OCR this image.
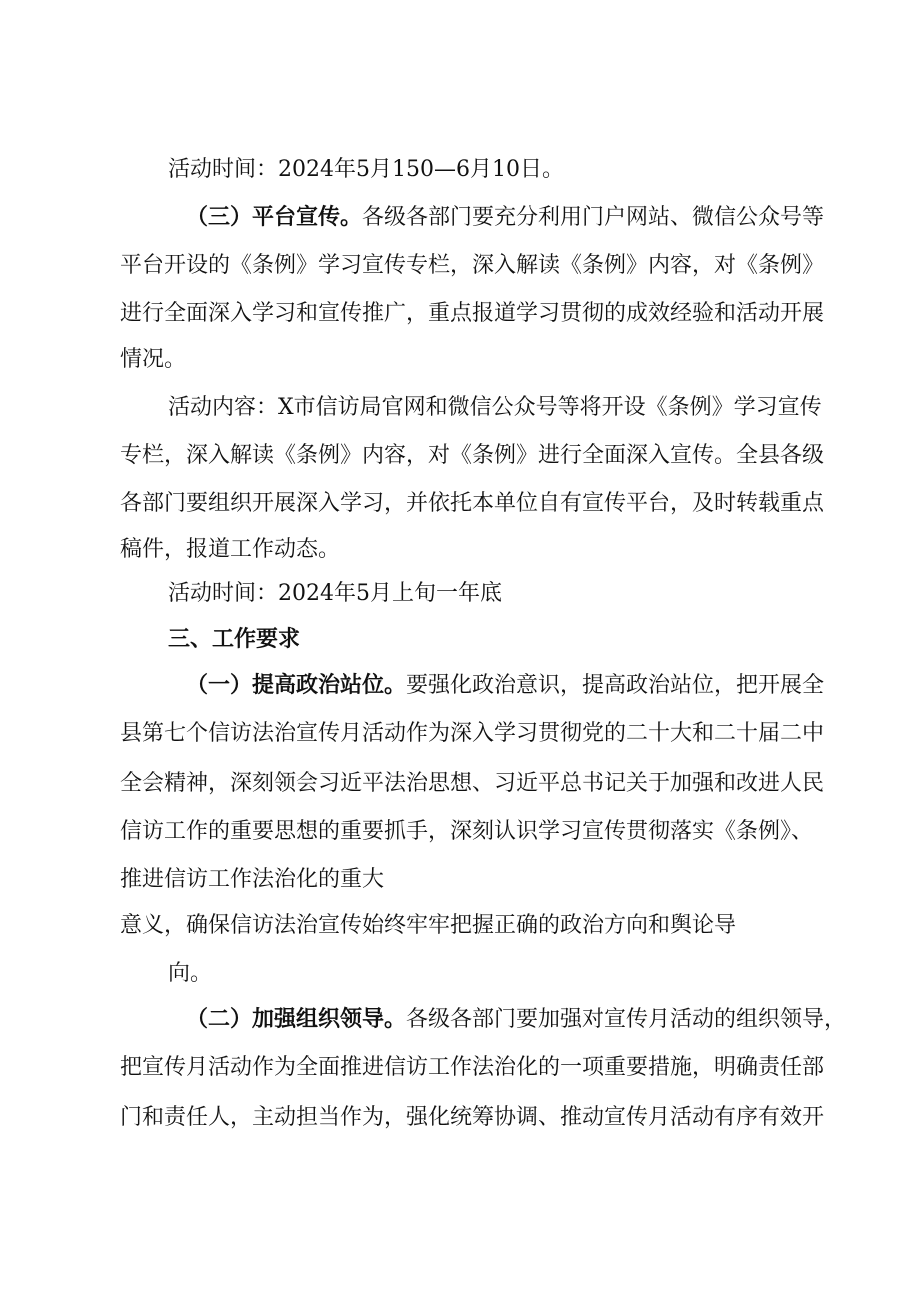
活动时间：2024年5月150—6月10日。
（三）平台宣传。各级各部门要充分利用门户网站、微信公众号等
平台开设的《条例》学习宣传专栏，深入解读《条例》内容，对《条例》
进行全面深入学习和宣传推广，重点报道学习贯彻的成效经验和活动开展
情况。
活动内容：X市信访局官网和微信公众号等将开设《条例》学习宣传
专栏，深入解读《条例》内容，对《条例》进行全面深入宣传。全县各级
各部门要组织开展深入学习，并依托本单位自有宣传平台，及时转载重点
稿件，报道工作动态。
活动时间：2024年5月上旬一年底
三、工作要求
（一）提高政治站位。要强化政治意识，提高政治站位，把开展全
县第七个信访法治宣传月活动作为深入学习贯彻党的二十大和二十届二中
全会精神，深刻领会习近平法治思想、习近平总书记关于加强和改进人民
信访工作的重要思想的重要抓手，深刻认识学习宣传贯彻落实《条例》、
推进信访工作法治化的重大
意义，确保信访法治宣传始终牢牢把握正确的政治方向和舆论导
向。
（二）加强组织领导。各级各部门要加强对宣传月活动的组织领导，
把宣传月活动作为全面推进信访工作法治化的一项重要措施，明确责任部
门和责任人，主动担当作为，强化统筹协调、推动宣传月活动有序有效开
